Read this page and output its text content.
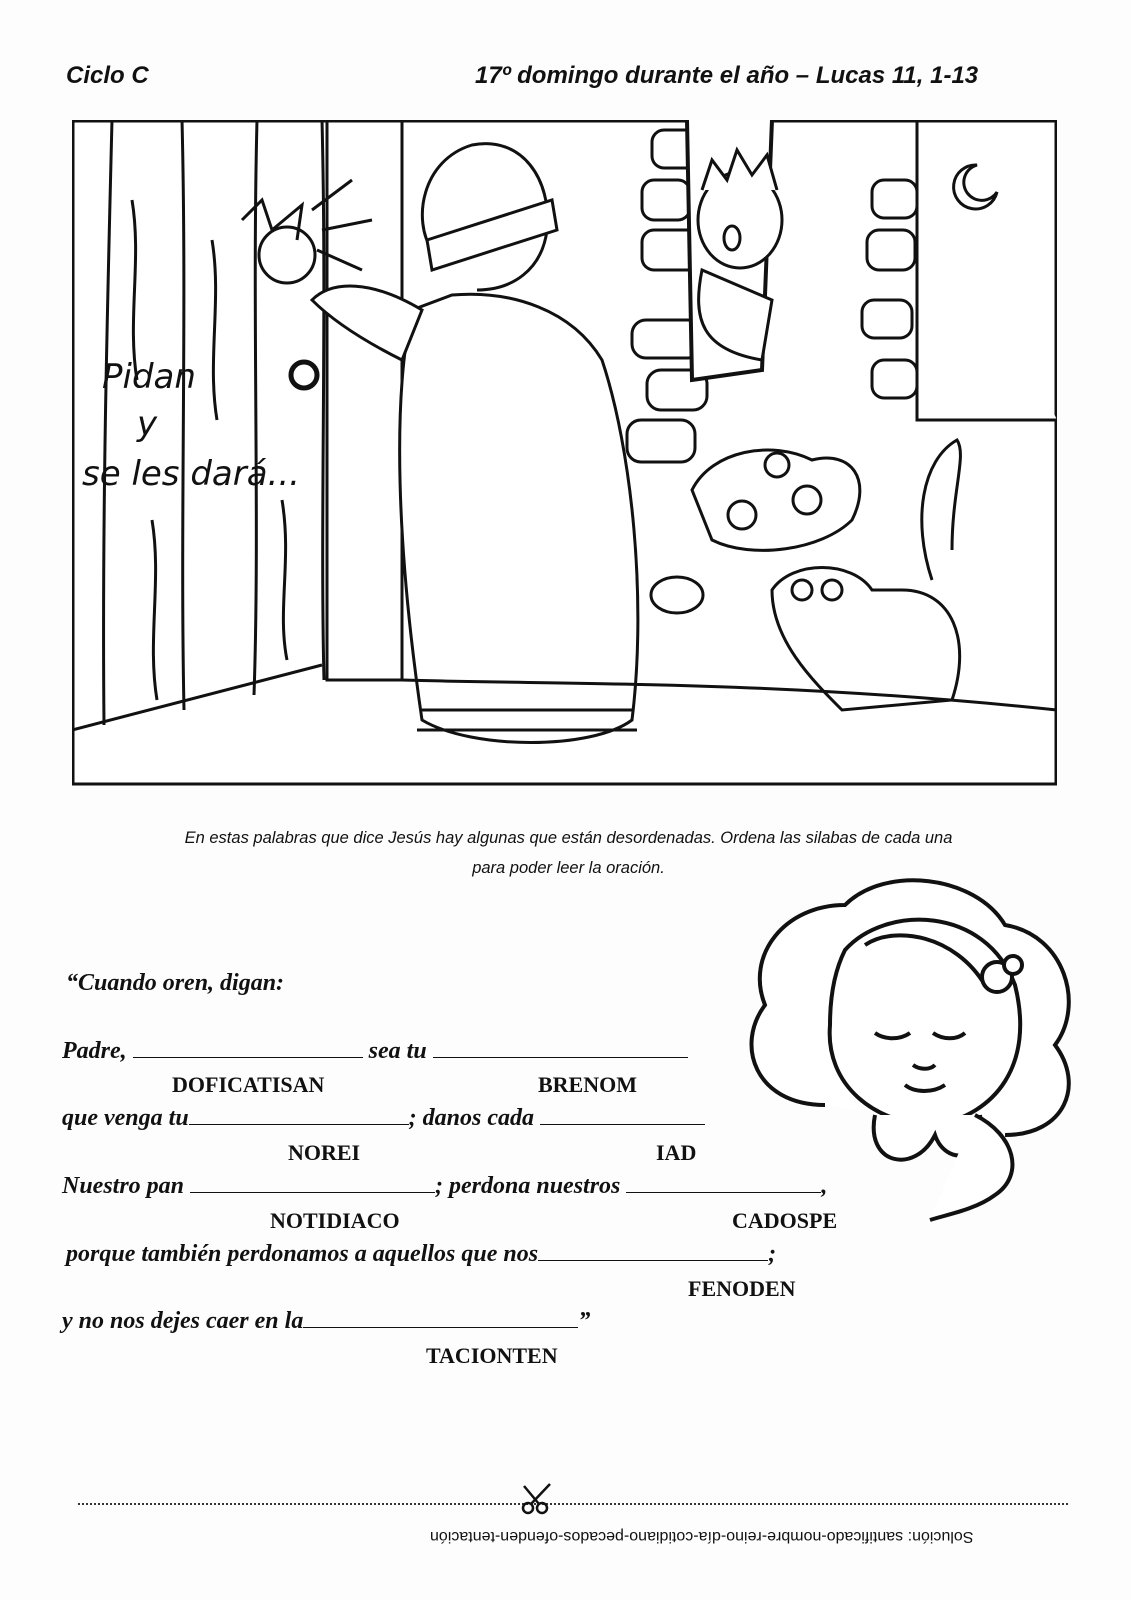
Ciclo C	17º domingo durante el año – Lucas 11, 1-13
Pidan
y
se les dará...
En estas palabras que dice Jesús hay algunas que están desordenadas. Ordena las silabas de cada una
para poder leer la oración.
“Cuando oren, digan:
Padre,	sea tu
DOFICATISAN	BRENOM
que venga tu	; danos cada
NOREI	IAD
Nuestro pan	; perdona nuestros	,
NOTIDIACO	CADOSPE
porque también perdonamos a aquellos que nos	;
FENODEN
y no nos dejes caer en la	”
TACIONTEN
Solución: santificado-nombre-reino-día-cotidiano-pecados-ofenden-tentación
